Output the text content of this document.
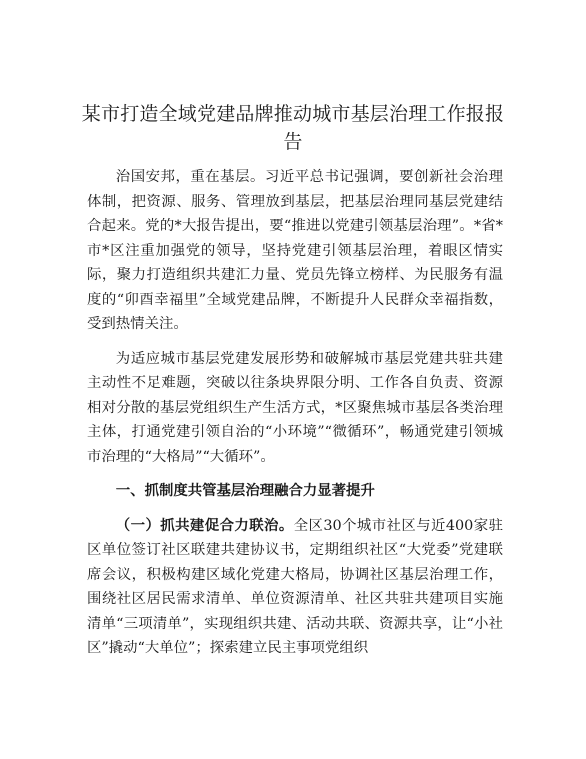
某市打造全域党建品牌推动城市基层治理工作报报告

治国安邦，重在基层。习近平总书记强调，要创新社会治理体制，把资源、服务、管理放到基层，把基层治理同基层党建结合起来。党的*大报告提出，要“推进以党建引领基层治理”。*省*市*区注重加强党的领导，坚持党建引领基层治理，着眼区情实际，聚力打造组织共建汇力量、党员先锋立榜样、为民服务有温度的“卯酉幸福里”全域党建品牌，不断提升人民群众幸福指数，受到热情关注。

为适应城市基层党建发展形势和破解城市基层党建共驻共建主动性不足难题，突破以往条块界限分明、工作各自负责、资源相对分散的基层党组织生产生活方式，*区聚焦城市基层各类治理主体，打通党建引领自治的“小环境”“微循环”，畅通党建引领城市治理的“大格局”“大循环”。

一、抓制度共管基层治理融合力显著提升

（一）抓共建促合力联治。全区30个城市社区与近400家驻区单位签订社区联建共建协议书，定期组织社区“大党委”党建联席会议，积极构建区域化党建大格局，协调社区基层治理工作，围绕社区居民需求清单、单位资源清单、社区共驻共建项目实施清单“三项清单”，实现组织共建、活动共联、资源共享，让“小社区”撬动“大单位”；探索建立民主事项党组织
